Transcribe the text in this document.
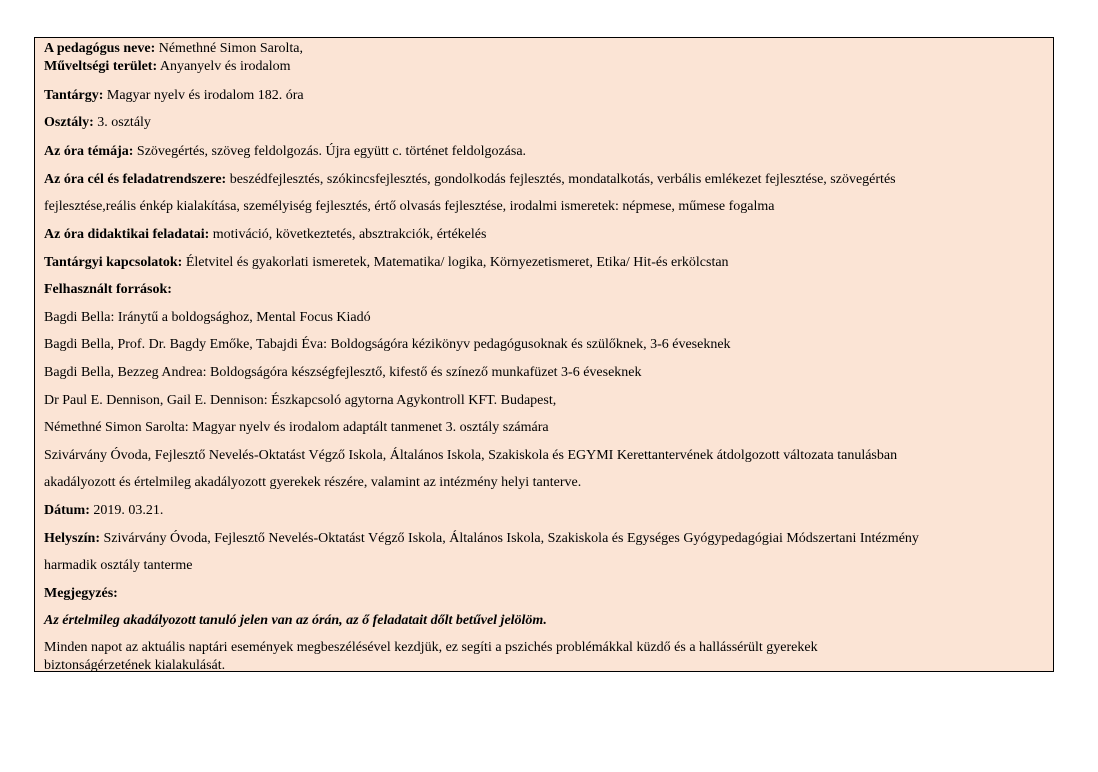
A pedagógus neve: Némethné Simon Sarolta,
Műveltségi terület: Anyanyelv és irodalom
Tantárgy: Magyar nyelv és irodalom 182. óra
Osztály: 3. osztály
Az óra témája: Szövegértés, szöveg feldolgozás. Újra együtt c. történet feldolgozása.
Az óra cél és feladatrendszere: beszédfejlesztés, szókincsfejlesztés, gondolkodás fejlesztés, mondatalkotás, verbális emlékezet fejlesztése, szövegértés
fejlesztése,reális énkép kialakítása, személyiség fejlesztés, értő olvasás fejlesztése, irodalmi ismeretek: népmese, műmese fogalma
Az óra didaktikai feladatai: motiváció, következtetés, absztrakciók, értékelés
Tantárgyi kapcsolatok: Életvitel és gyakorlati ismeretek, Matematika/ logika, Környezetismeret, Etika/ Hit-és erkölcstan
Felhasznált források:
Bagdi Bella: Iránytű a boldogsághoz, Mental Focus Kiadó
Bagdi Bella, Prof. Dr. Bagdy Emőke, Tabajdi Éva: Boldogságóra kézikönyv pedagógusoknak és szülőknek, 3-6 éveseknek
Bagdi Bella, Bezzeg Andrea: Boldogságóra készségfejlesztő, kifestő és színező munkafüzet 3-6 éveseknek
Dr Paul E. Dennison, Gail E. Dennison: Észkapcsoló agytorna Agykontroll KFT. Budapest,
Némethné Simon Sarolta: Magyar nyelv és irodalom adaptált tanmenet 3. osztály számára
Szivárvány Óvoda, Fejlesztő Nevelés-Oktatást Végző Iskola, Általános Iskola, Szakiskola és EGYMI Kerettantervének átdolgozott változata tanulásban
akadályozott és értelmileg akadályozott gyerekek részére, valamint az intézmény helyi tanterve.
Dátum: 2019. 03.21.
Helyszín: Szivárvány Óvoda, Fejlesztő Nevelés-Oktatást Végző Iskola, Általános Iskola, Szakiskola és Egységes Gyógypedagógiai Módszertani Intézmény
harmadik osztály tanterme
Megjegyzés:
Az értelmileg akadályozott tanuló jelen van az órán, az ő feladatait dőlt betűvel jelölöm.
Minden napot az aktuális naptári események megbeszélésével kezdjük, ez segíti a pszichés problémákkal küzdő és a hallássérült gyerekek
biztonságérzetének kialakulását.
